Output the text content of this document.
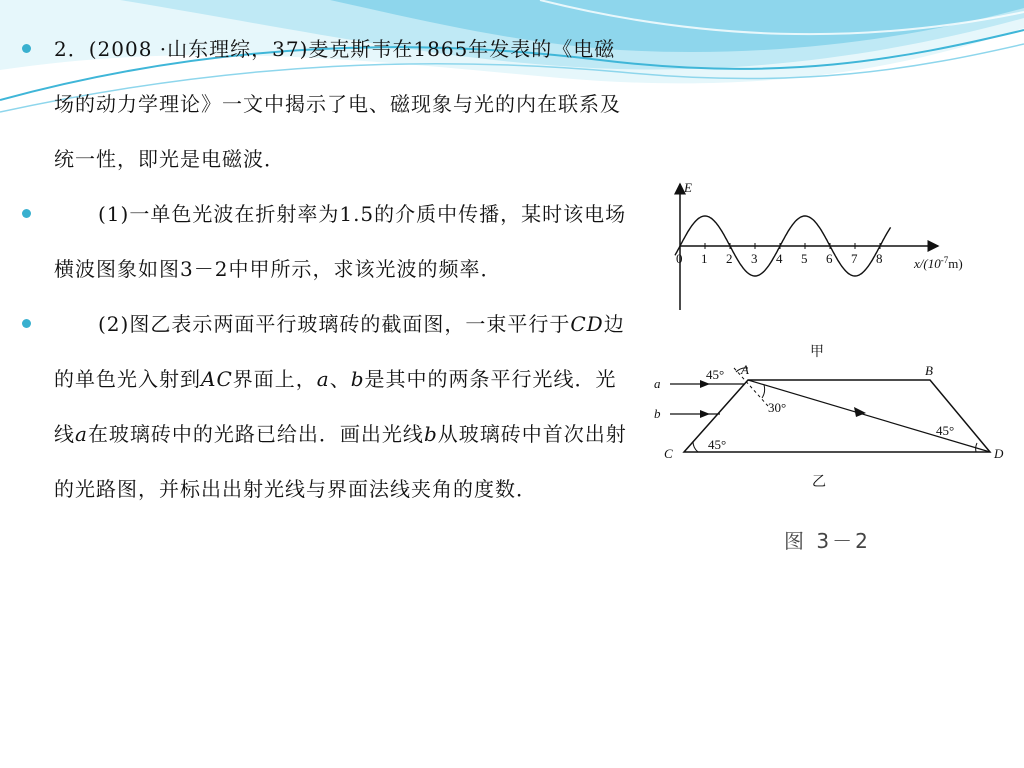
2．(2008 ·山东理综，37)麦克斯韦在1865年发表的《电磁场的动力学理论》一文中揭示了电、磁现象与光的内在联系及统一性，即光是电磁波．
(1)一单色光波在折射率为1.5的介质中传播，某时该电场横波图象如图3－2中甲所示，求该光波的频率．
(2)图乙表示两面平行玻璃砖的截面图，一束平行于CD边的单色光入射到AC界面上，a、b是其中的两条平行光线．光线a在玻璃砖中的光路已给出．画出光线b从玻璃砖中首次出射的光路图，并标出出射光线与界面法线夹角的度数．
E
0 1 2 3 4 5 6 7 8 $x/(10^{-7}m)$
甲
45°
30°
45°
45°
A	B
C	D
a
b
乙
图 3－2
